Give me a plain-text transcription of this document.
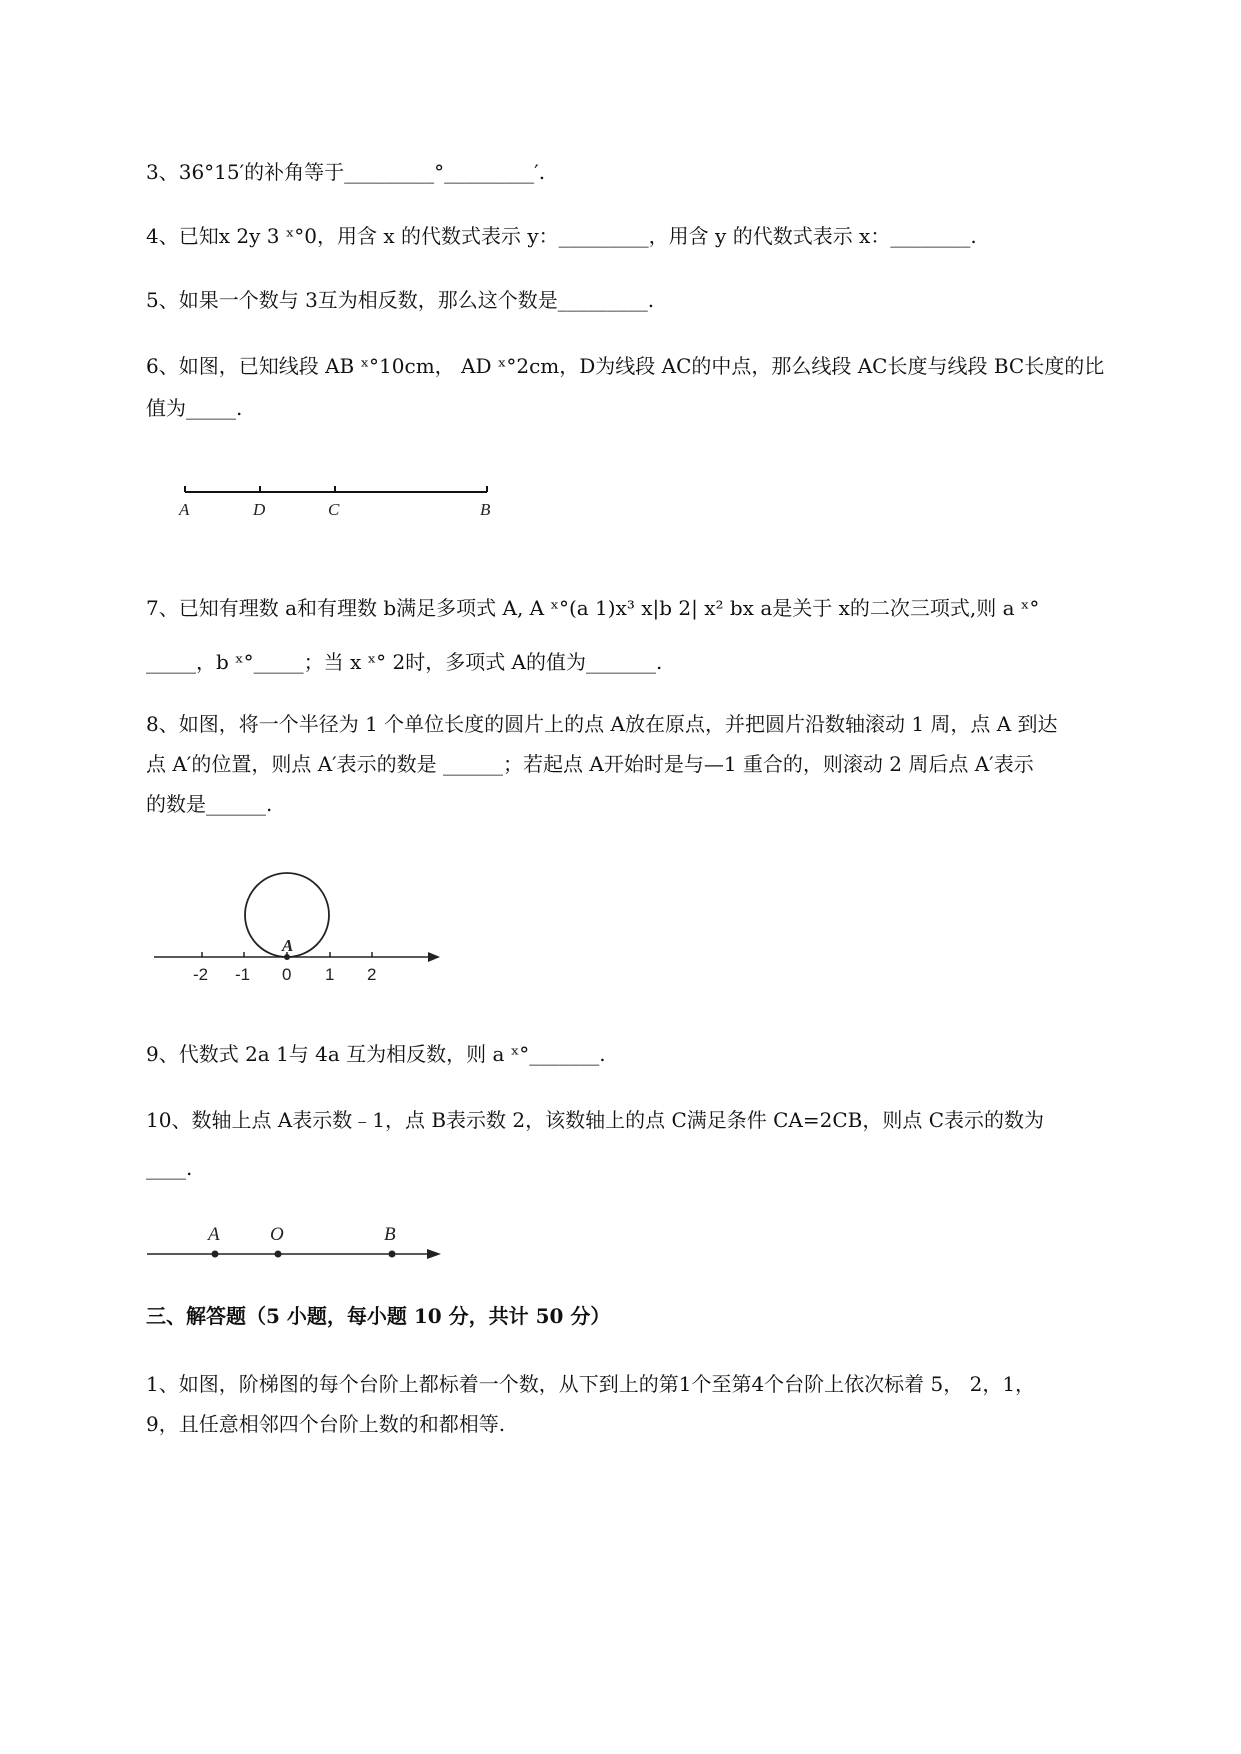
3、36°15′的补角等于_________°_________′.
4、已知x 2y 3 ˣ°0，用含 x 的代数式表示 y：_________，用含 y 的代数式表示 x：________.
5、如果一个数与 3互为相反数，那么这个数是_________.
6、如图，已知线段 AB ˣ°10cm， AD ˣ°2cm，D为线段 AC的中点，那么线段 AC长度与线段 BC长度的比
值为_____.
A	D	C	B
7、已知有理数 a和有理数 b满足多项式 A, A ˣ°(a 1)x³ x|b 2| x² bx a是关于 x的二次三项式,则 a ˣ°
_____，b ˣ°_____；当 x ˣ° 2时，多项式 A的值为_______.
8、如图，将一个半径为 1 个单位长度的圆片上的点 A放在原点，并把圆片沿数轴滚动 1 周，点 A 到达
点 A′的位置，则点 A′表示的数是 ______；若起点 A开始时是与—1 重合的，则滚动 2 周后点 A′表示
的数是______.
A
-2 -1 0 1 2
9、代数式 2a 1与 4a 互为相反数，则 a ˣ°_______.
10、数轴上点 A表示数﹣1，点 B表示数 2，该数轴上的点 C满足条件 CA=2CB，则点 C表示的数为
____.
A	O	B
三、解答题（5 小题，每小题 10 分，共计 50 分）
1、如图，阶梯图的每个台阶上都标着一个数，从下到上的第1个至第4个台阶上依次标着 5， 2，1，
9，且任意相邻四个台阶上数的和都相等.
